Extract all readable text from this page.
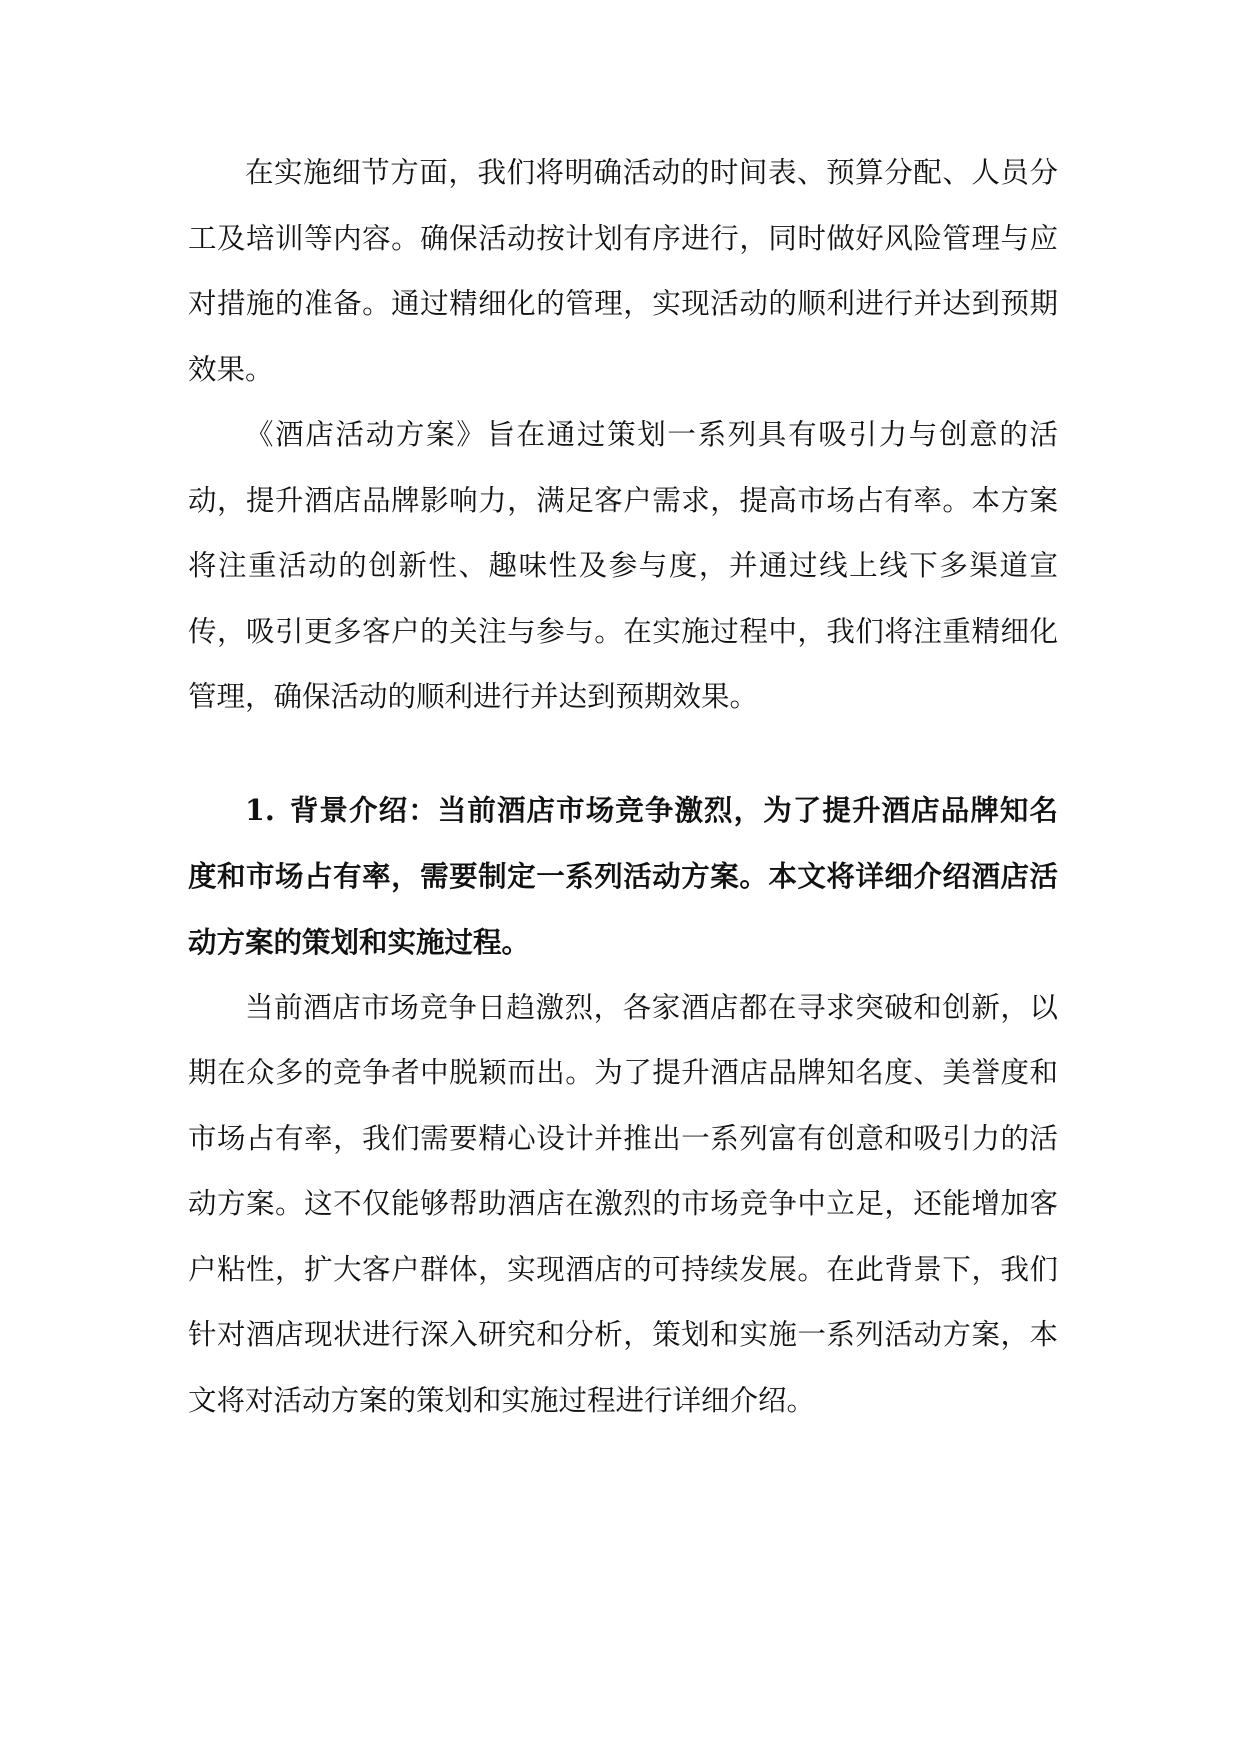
在实施细节方面，我们将明确活动的时间表、预算分配、人员分工及培训等内容。确保活动按计划有序进行，同时做好风险管理与应对措施的准备。通过精细化的管理，实现活动的顺利进行并达到预期效果。

《酒店活动方案》旨在通过策划一系列具有吸引力与创意的活动，提升酒店品牌影响力，满足客户需求，提高市场占有率。本方案将注重活动的创新性、趣味性及参与度，并通过线上线下多渠道宣传，吸引更多客户的关注与参与。在实施过程中，我们将注重精细化管理，确保活动的顺利进行并达到预期效果。

1. 背景介绍：当前酒店市场竞争激烈，为了提升酒店品牌知名度和市场占有率，需要制定一系列活动方案。本文将详细介绍酒店活动方案的策划和实施过程。

当前酒店市场竞争日趋激烈，各家酒店都在寻求突破和创新，以期在众多的竞争者中脱颖而出。为了提升酒店品牌知名度、美誉度和市场占有率，我们需要精心设计并推出一系列富有创意和吸引力的活动方案。这不仅能够帮助酒店在激烈的市场竞争中立足，还能增加客户粘性，扩大客户群体，实现酒店的可持续发展。在此背景下，我们针对酒店现状进行深入研究和分析，策划和实施一系列活动方案，本文将对活动方案的策划和实施过程进行详细介绍。
